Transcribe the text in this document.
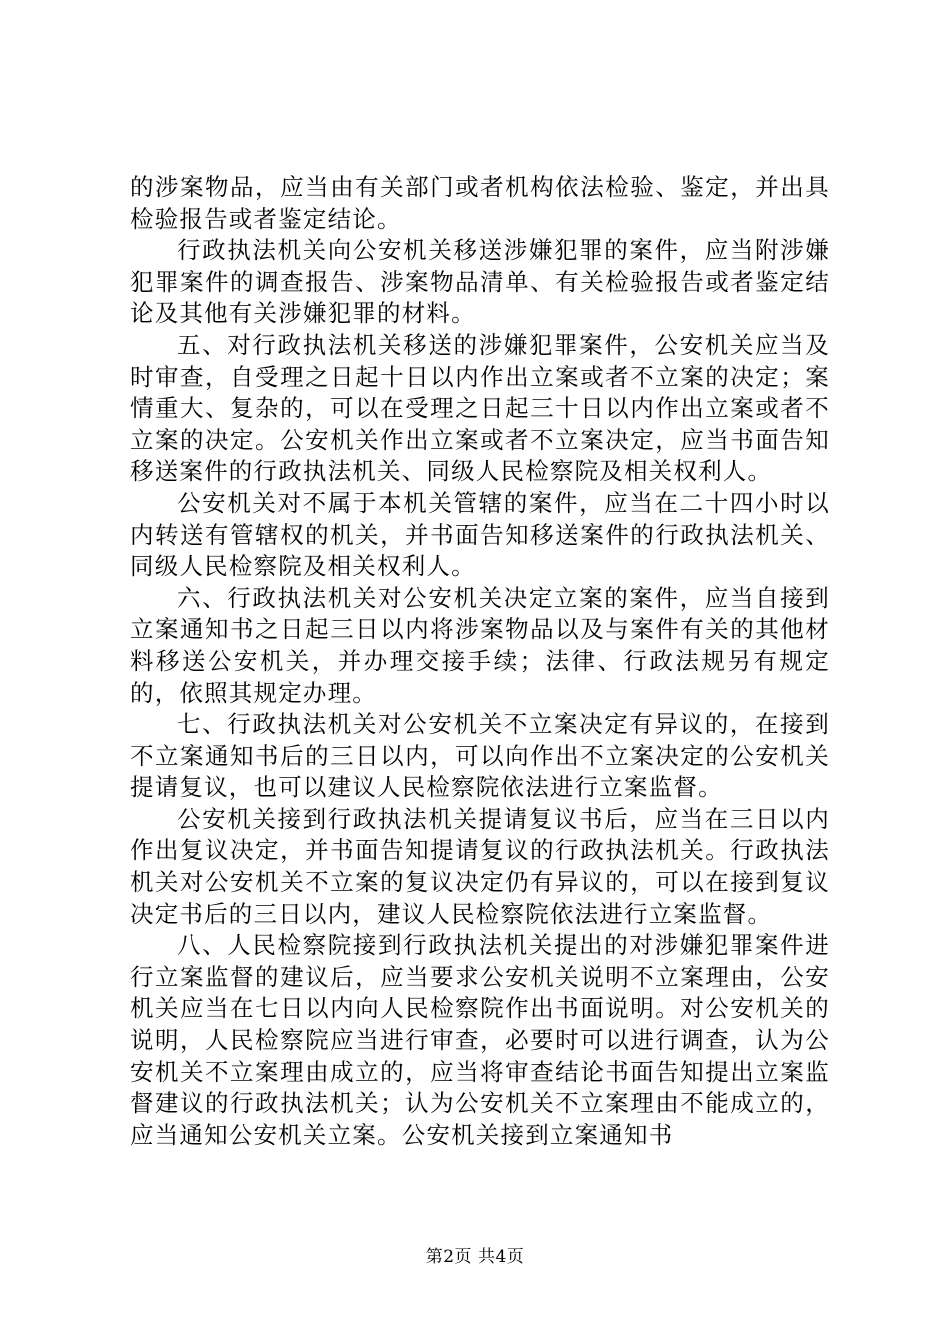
的涉案物品，应当由有关部门或者机构依法检验、鉴定，并出具检验报告或者鉴定结论。

行政执法机关向公安机关移送涉嫌犯罪的案件，应当附涉嫌犯罪案件的调查报告、涉案物品清单、有关检验报告或者鉴定结论及其他有关涉嫌犯罪的材料。

五、对行政执法机关移送的涉嫌犯罪案件，公安机关应当及时审查，自受理之日起十日以内作出立案或者不立案的决定；案情重大、复杂的，可以在受理之日起三十日以内作出立案或者不立案的决定。公安机关作出立案或者不立案决定，应当书面告知移送案件的行政执法机关、同级人民检察院及相关权利人。

公安机关对不属于本机关管辖的案件，应当在二十四小时以内转送有管辖权的机关，并书面告知移送案件的行政执法机关、同级人民检察院及相关权利人。

六、行政执法机关对公安机关决定立案的案件，应当自接到立案通知书之日起三日以内将涉案物品以及与案件有关的其他材料移送公安机关，并办理交接手续；法律、行政法规另有规定的，依照其规定办理。

七、行政执法机关对公安机关不立案决定有异议的，在接到不立案通知书后的三日以内，可以向作出不立案决定的公安机关提请复议，也可以建议人民检察院依法进行立案监督。

公安机关接到行政执法机关提请复议书后，应当在三日以内作出复议决定，并书面告知提请复议的行政执法机关。行政执法机关对公安机关不立案的复议决定仍有异议的，可以在接到复议决定书后的三日以内，建议人民检察院依法进行立案监督。

八、人民检察院接到行政执法机关提出的对涉嫌犯罪案件进行立案监督的建议后，应当要求公安机关说明不立案理由，公安机关应当在七日以内向人民检察院作出书面说明。对公安机关的说明，人民检察院应当进行审查，必要时可以进行调查，认为公安机关不立案理由成立的，应当将审查结论书面告知提出立案监督建议的行政执法机关；认为公安机关不立案理由不能成立的，应当通知公安机关立案。公安机关接到立案通知书

第2页 共4页
